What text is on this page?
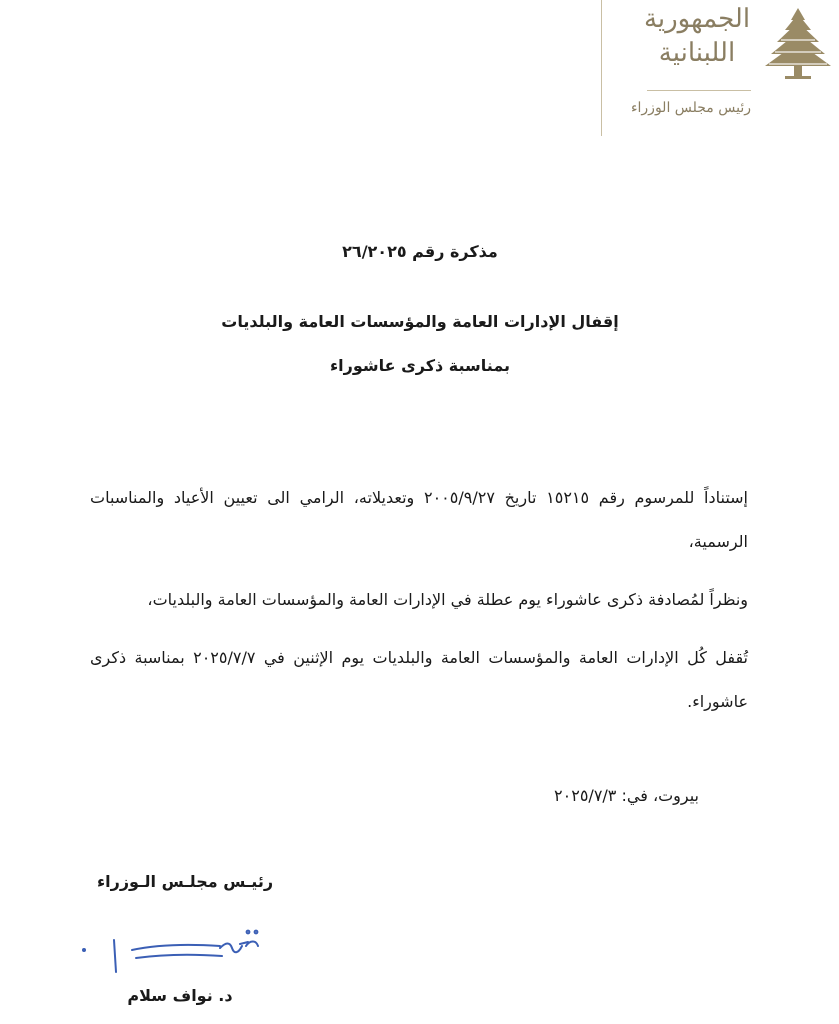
الجمهورية
اللبنانية
رئيس مجلس الوزراء
مذكرة رقم ٢٦/٢٠٢٥
إقفال الإدارات العامة والمؤسسات العامة والبلديات
بمناسبة ذكرى عاشوراء

إستناداً للمرسوم رقم ١٥٢١٥ تاريخ ٢٠٠٥/٩/٢٧ وتعديلاته، الرامي الى تعيين الأعياد والمناسبات الرسمية،

ونظراً لمُصادفة ذكرى عاشوراء يوم عطلة في الإدارات العامة والمؤسسات العامة والبلديات،

تُقفل كُل الإدارات العامة والمؤسسات العامة والبلديات يوم الإثنين في ٢٠٢٥/٧/٧ بمناسبة ذكرى عاشوراء.

بيروت، في: ٢٠٢٥/٧/٣
رئيـس مجلـس الـوزراء
د. نواف سلام
